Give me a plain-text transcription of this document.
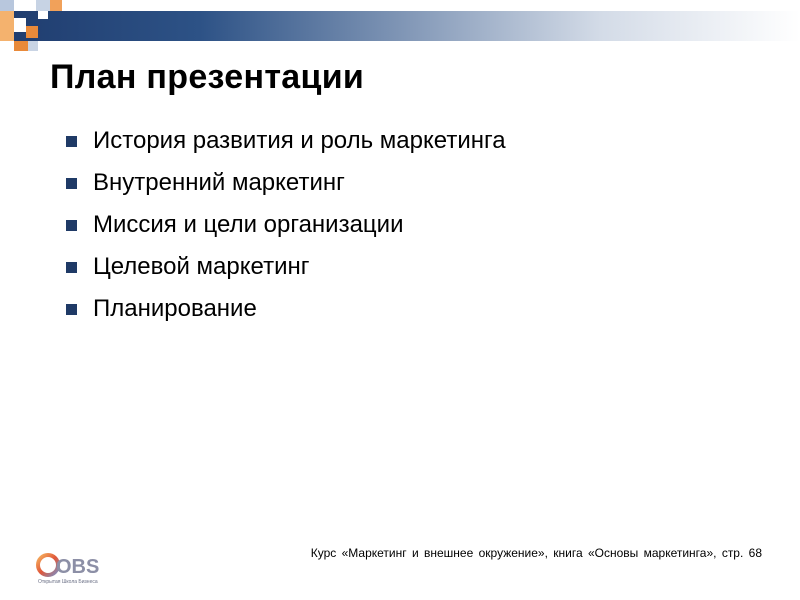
План презентации
История развития и роль маркетинга
Внутренний маркетинг
Миссия и цели организации
Целевой маркетинг
Планирование
OBS
Открытая Школа Бизнеса
Курс «Маркетинг и внешнее окружение», книга «Основы маркетинга», стр. 68
